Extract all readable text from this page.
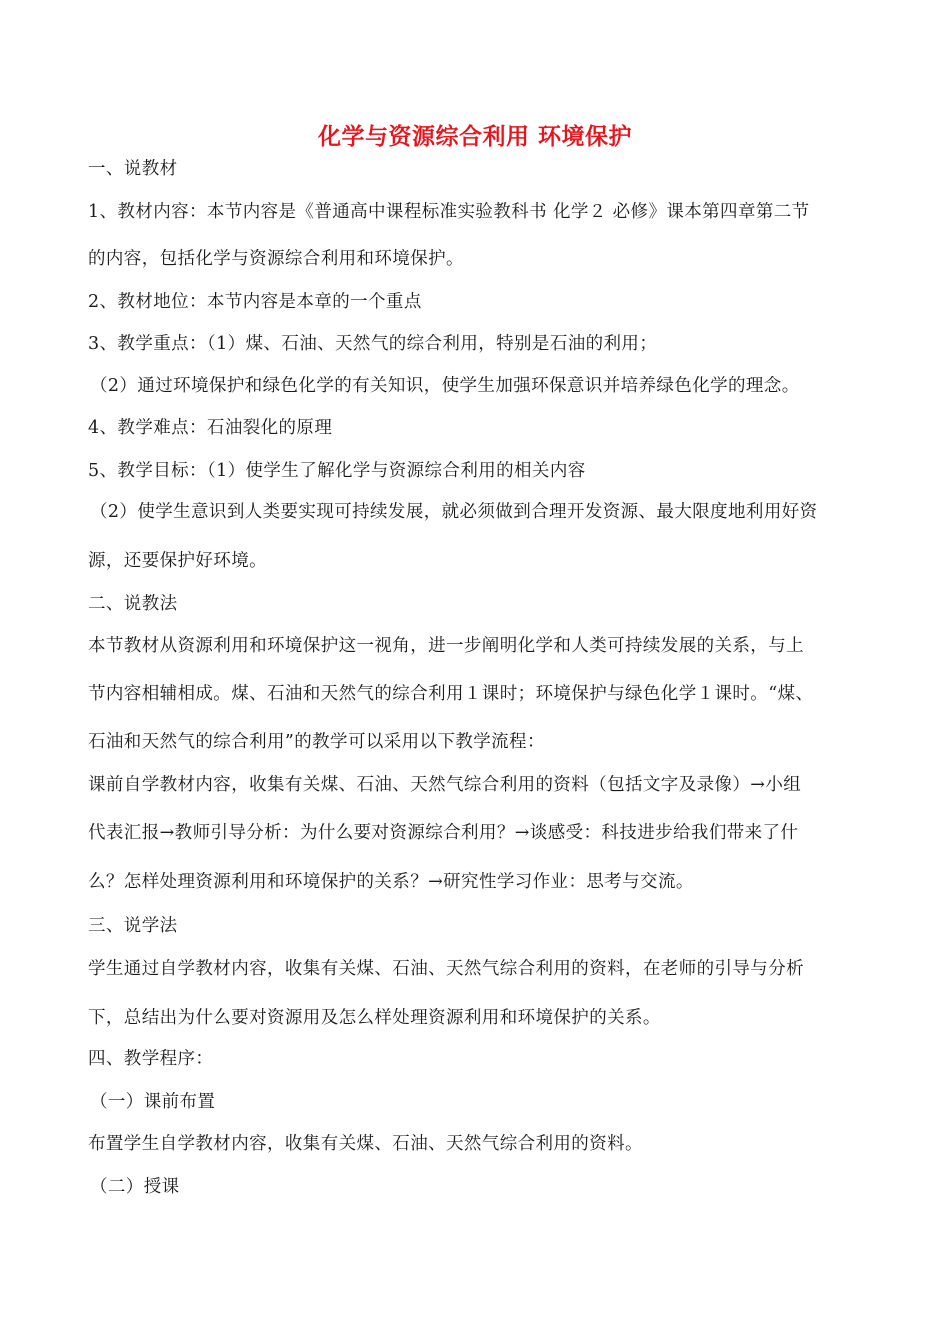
化学与资源综合利用 环境保护
一、说教材
1、教材内容：本节内容是《普通高中课程标准实验教科书 化学２ 必修》课本第四章第二节
的内容，包括化学与资源综合利用和环境保护。
2、教材地位：本节内容是本章的一个重点
3、教学重点：（1）煤、石油、天然气的综合利用，特别是石油的利用；
（2）通过环境保护和绿色化学的有关知识，使学生加强环保意识并培养绿色化学的理念。
4、教学难点：石油裂化的原理
5、教学目标：（1）使学生了解化学与资源综合利用的相关内容
（2）使学生意识到人类要实现可持续发展，就必须做到合理开发资源、最大限度地利用好资
源，还要保护好环境。
二、说教法
本节教材从资源利用和环境保护这一视角，进一步阐明化学和人类可持续发展的关系，与上
节内容相辅相成。煤、石油和天然气的综合利用１课时；环境保护与绿色化学１课时。“煤、
石油和天然气的综合利用”的教学可以采用以下教学流程：
课前自学教材内容，收集有关煤、石油、天然气综合利用的资料（包括文字及录像）→小组
代表汇报→教师引导分析：为什么要对资源综合利用？→谈感受：科技进步给我们带来了什
么？怎样处理资源利用和环境保护的关系？→研究性学习作业：思考与交流。
三、说学法
学生通过自学教材内容，收集有关煤、石油、天然气综合利用的资料，在老师的引导与分析
下，总结出为什么要对资源用及怎么样处理资源利用和环境保护的关系。
四、教学程序：
（一）课前布置
布置学生自学教材内容，收集有关煤、石油、天然气综合利用的资料。
（二）授课
